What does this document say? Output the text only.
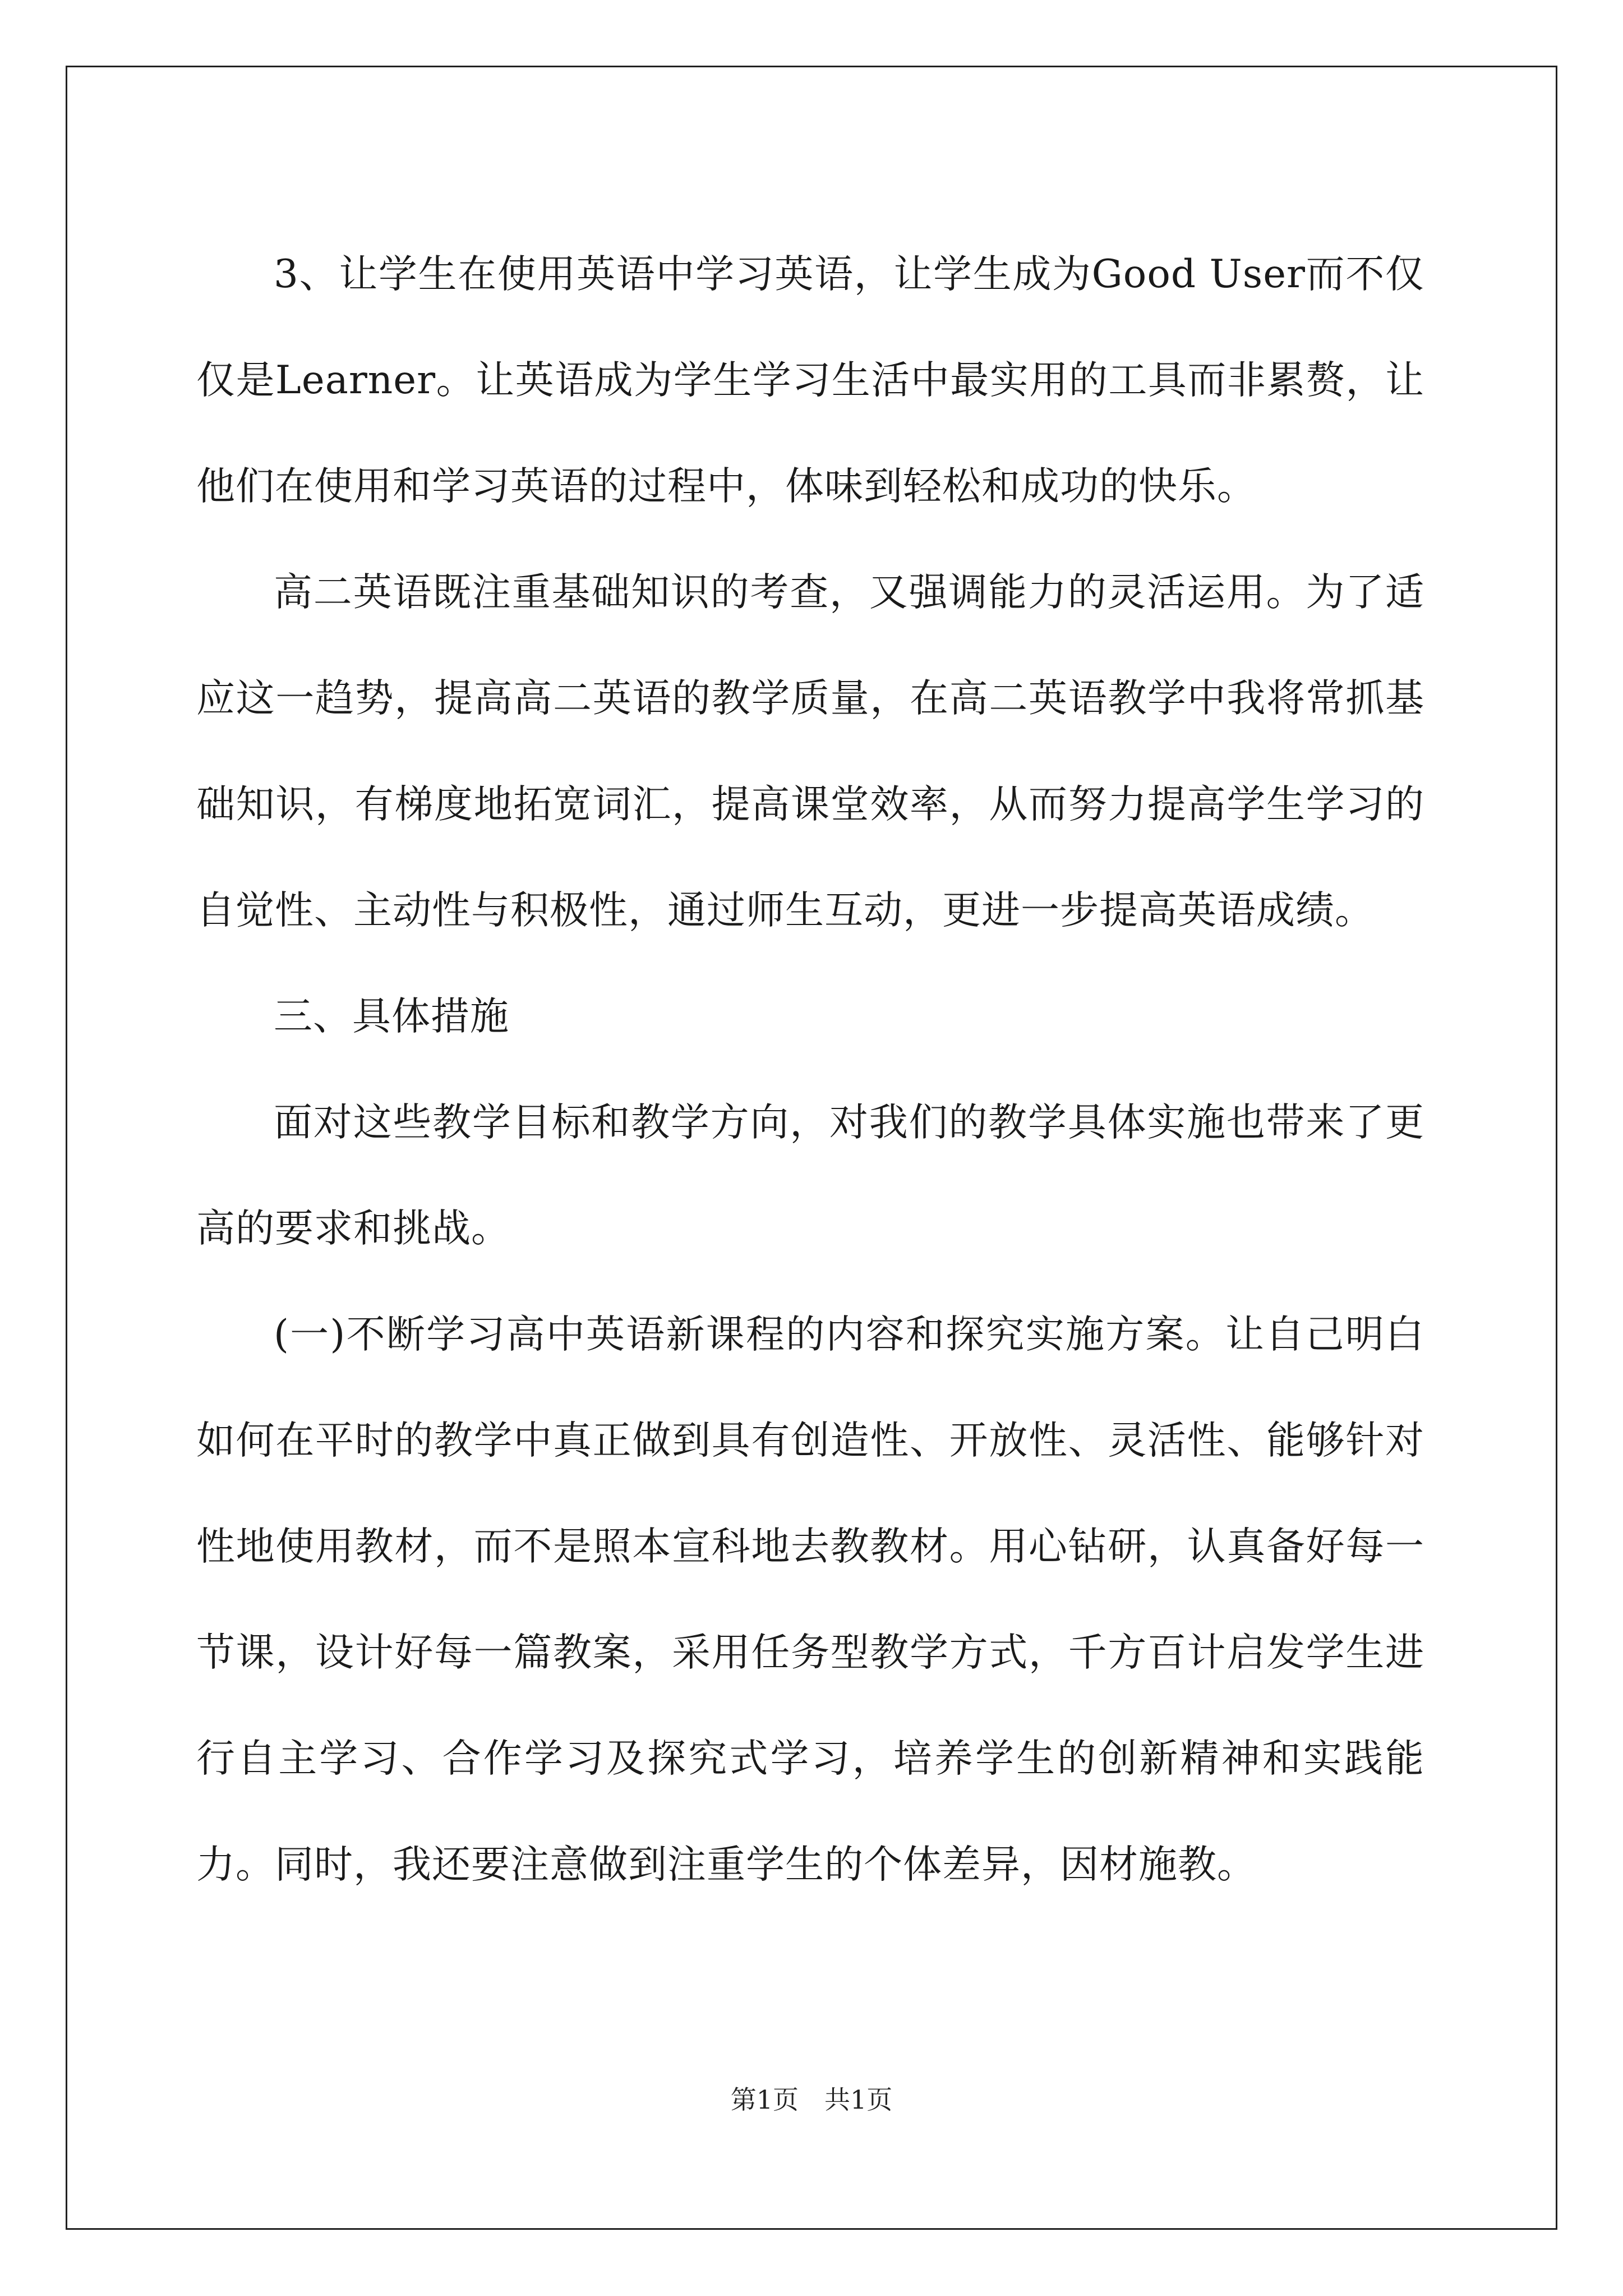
3、让学生在使用英语中学习英语，让学生成为Good User而不仅仅是Learner。让英语成为学生学习生活中最实用的工具而非累赘，让他们在使用和学习英语的过程中，体味到轻松和成功的快乐。

高二英语既注重基础知识的考查，又强调能力的灵活运用。为了适应这一趋势，提高高二英语的教学质量，在高二英语教学中我将常抓基础知识，有梯度地拓宽词汇，提高课堂效率，从而努力提高学生学习的自觉性、主动性与积极性，通过师生互动，更进一步提高英语成绩。

三、具体措施

面对这些教学目标和教学方向，对我们的教学具体实施也带来了更高的要求和挑战。

(一)不断学习高中英语新课程的内容和探究实施方案。让自己明白如何在平时的教学中真正做到具有创造性、开放性、灵活性、能够针对性地使用教材，而不是照本宣科地去教教材。用心钻研，认真备好每一节课，设计好每一篇教案，采用任务型教学方式，千方百计启发学生进行自主学习、合作学习及探究式学习，培养学生的创新精神和实践能力。同时，我还要注意做到注重学生的个体差异，因材施教。

第1页 共1页
